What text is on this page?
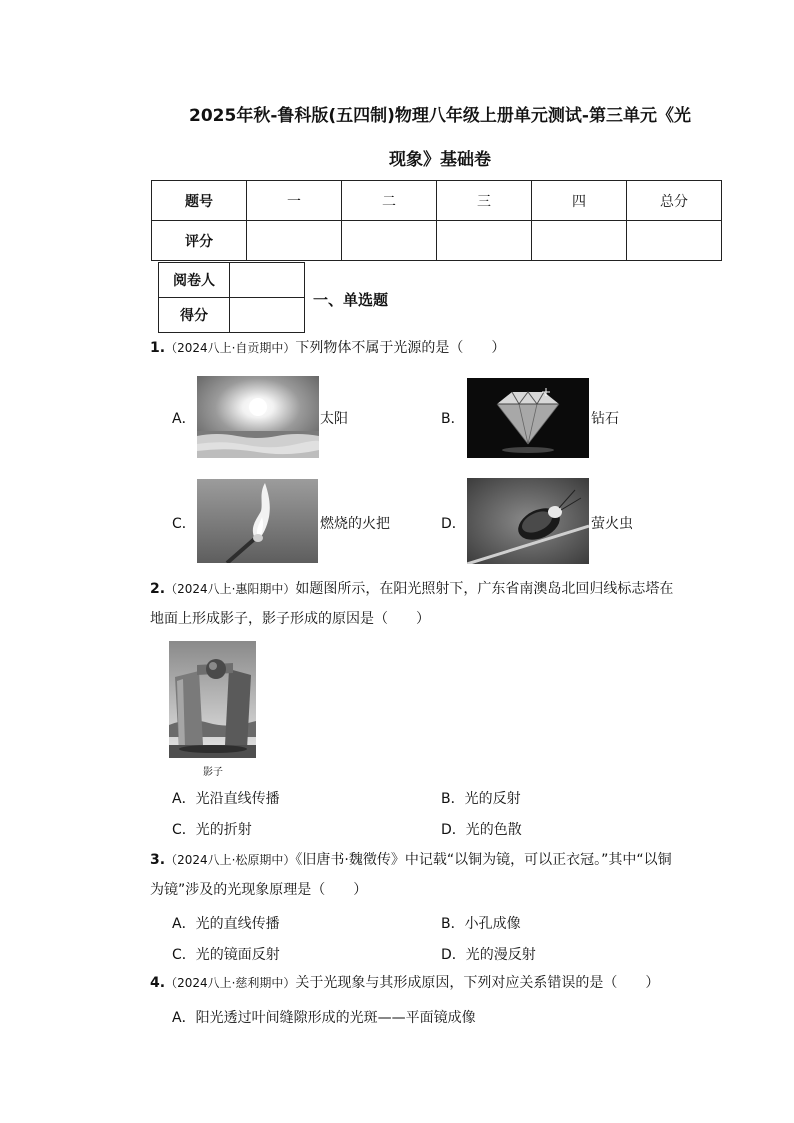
2025年秋-鲁科版(五四制)物理八年级上册单元测试-第三单元《光
现象》基础卷
题号	一	二	三	四	总分
评分					
阅卷人	
得分	
一、单选题
1.（2024八上·自贡期中）下列物体不属于光源的是（　　）
A．	太阳	B．	钻石
C．	燃烧的火把	D．	萤火虫
2.（2024八上·惠阳期中）如题图所示，在阳光照射下，广东省南澳岛北回归线标志塔在
地面上形成影子，影子形成的原因是（　　）
影子
A．光沿直线传播	B．光的反射
C．光的折射	D．光的色散
3.（2024八上·松原期中）《旧唐书·魏徵传》中记载“以铜为镜，可以正衣冠。”其中“以铜
为镜”涉及的光现象原理是（　　）
A．光的直线传播	B．小孔成像
C．光的镜面反射	D．光的漫反射
4.（2024八上·慈利期中）关于光现象与其形成原因，下列对应关系错误的是（　　）
A．阳光透过叶间缝隙形成的光斑——平面镜成像
